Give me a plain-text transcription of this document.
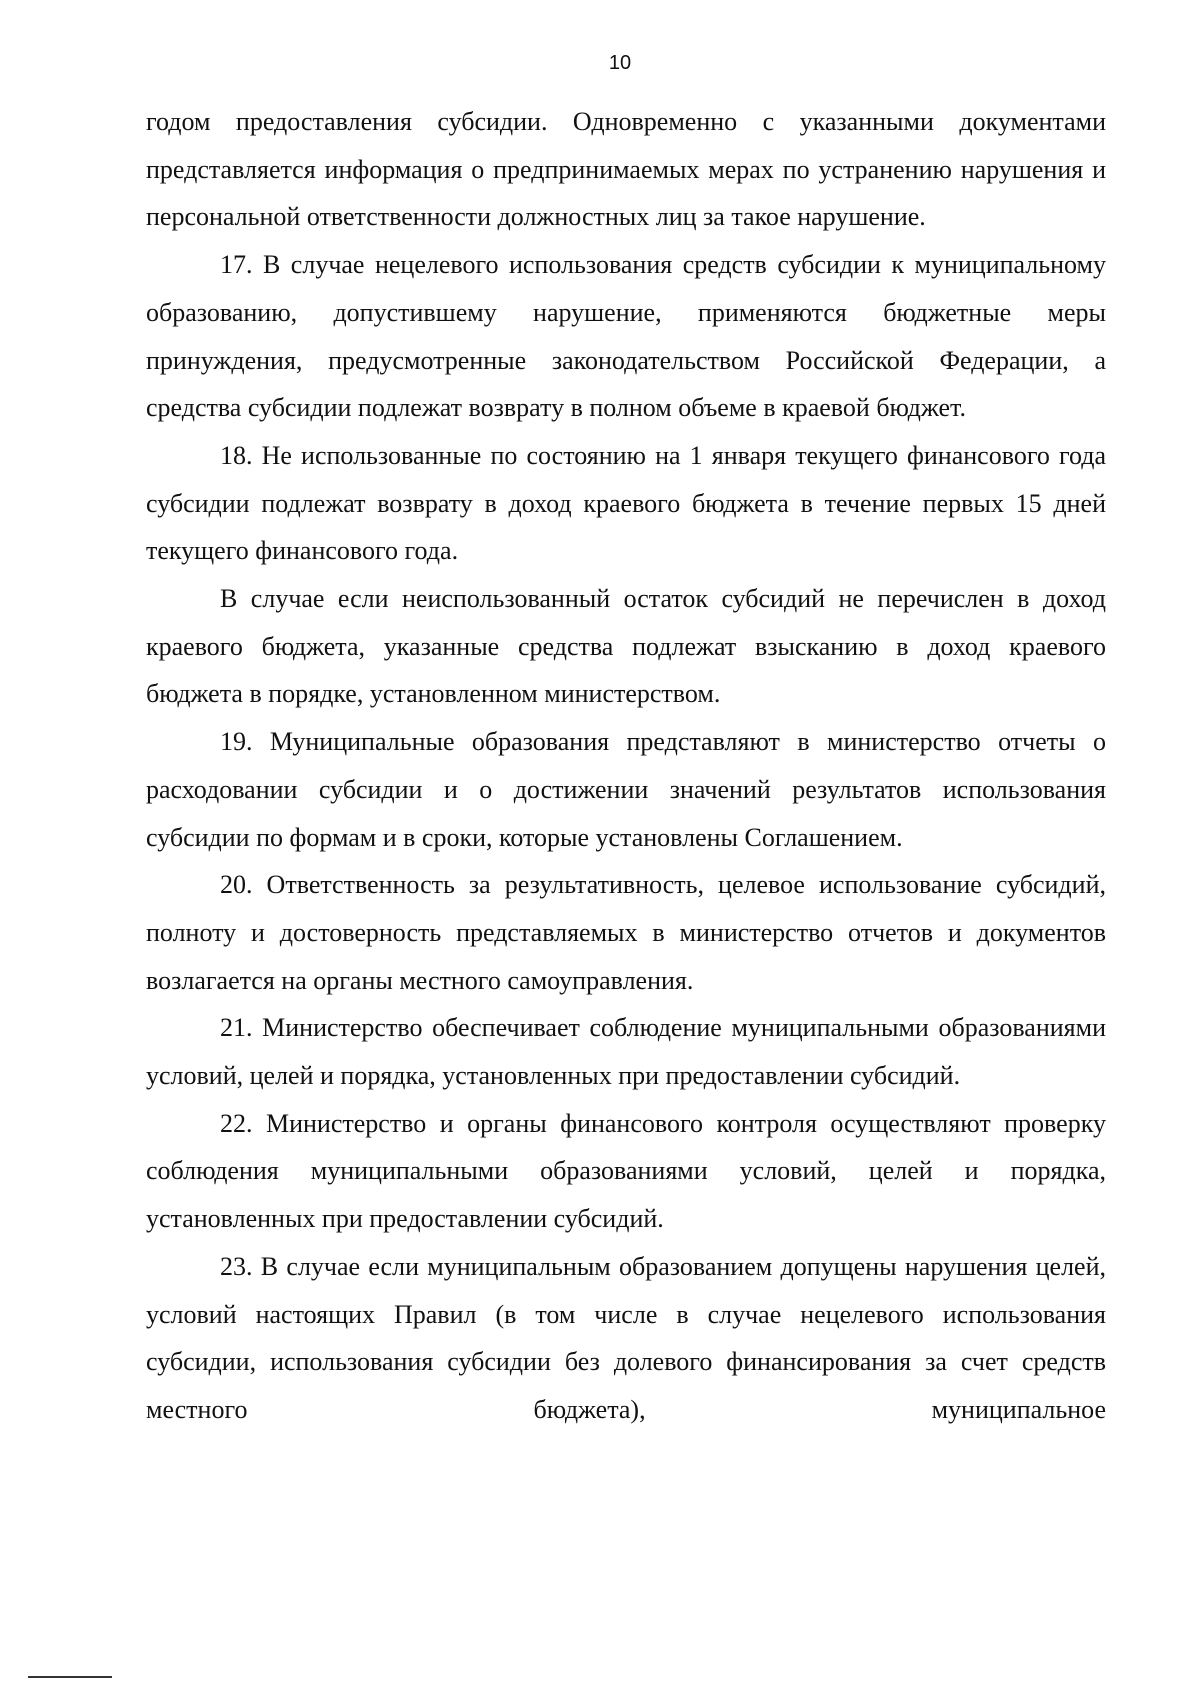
10

годом предоставления субсидии. Одновременно с указанными документами представляется информация о предпринимаемых мерах по устранению нарушения и персональной ответственности должностных лиц за такое нарушение.

17. В случае нецелевого использования средств субсидии к муниципальному образованию, допустившему нарушение, применяются бюджетные меры принуждения, предусмотренные законодательством Российской Федерации, а средства субсидии подлежат возврату в полном объеме в краевой бюджет.

18. Не использованные по состоянию на 1 января текущего финансового года субсидии подлежат возврату в доход краевого бюджета в течение первых 15 дней текущего финансового года.

В случае если неиспользованный остаток субсидий не перечислен в доход краевого бюджета, указанные средства подлежат взысканию в доход краевого бюджета в порядке, установленном министерством.

19. Муниципальные образования представляют в министерство отчеты о расходовании субсидии и о достижении значений результатов использования субсидии по формам и в сроки, которые установлены Соглашением.

20. Ответственность за результативность, целевое использование субсидий, полноту и достоверность представляемых в министерство отчетов и документов возлагается на органы местного самоуправления.

21. Министерство обеспечивает соблюдение муниципальными образованиями условий, целей и порядка, установленных при предоставлении субсидий.

22. Министерство и органы финансового контроля осуществляют проверку соблюдения муниципальными образованиями условий, целей и порядка, установленных при предоставлении субсидий.

23. В случае если муниципальным образованием допущены нарушения целей, условий настоящих Правил (в том числе в случае нецелевого использования субсидии, использования субсидии без долевого финансирования за счет средств местного бюджета), муниципальное
